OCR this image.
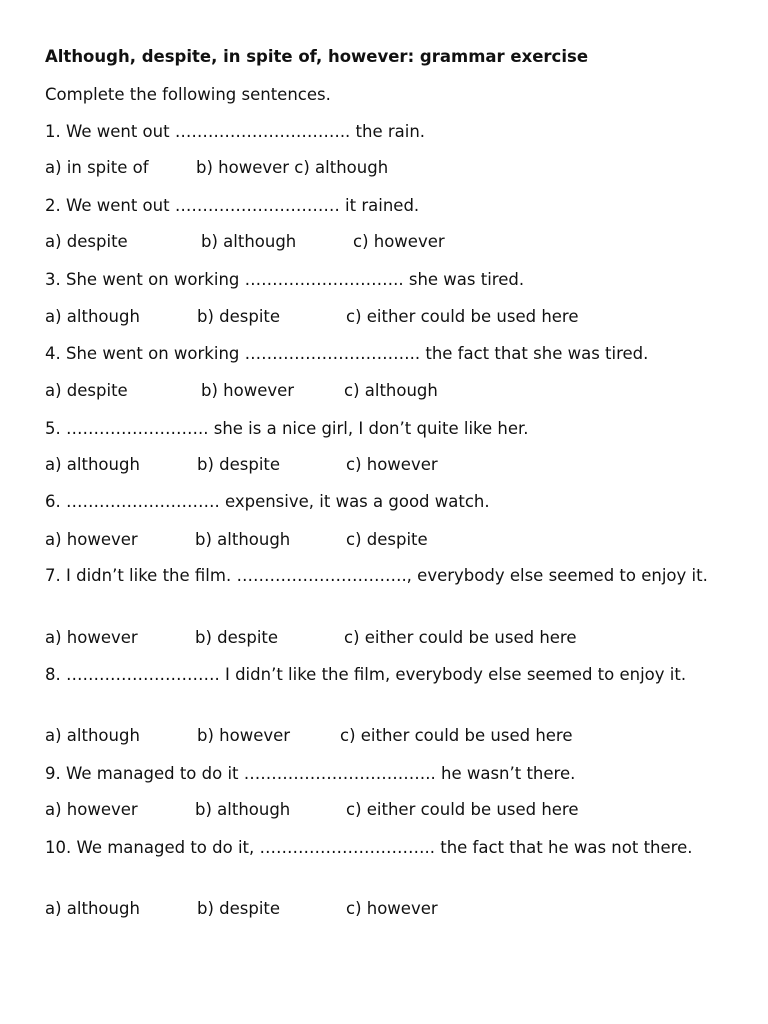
Although, despite, in spite of, however: grammar exercise
Complete the following sentences.
1. We went out ………………………….. the rain.
a) in spite of	b) however c) although
2. We went out ………………………… it rained.
a) despite	b) although	c) however
3. She went on working ……………………….. she was tired.
a) although	b) despite	c) either could be used here
4. She went on working ………………………….. the fact that she was tired.
a) despite	b) however	c) although
5. …………………….. she is a nice girl, I don’t quite like her.
a) although	b) despite	c) however
6. ………………………. expensive, it was a good watch.
a) however	b) although	c) despite
7. I didn’t like the film. …………………………., everybody else seemed to enjoy it.
a) however	b) despite	c) either could be used here
8. ………………………. I didn’t like the film, everybody else seemed to enjoy it.
a) although	b) however	c) either could be used here
9. We managed to do it …………………………….. he wasn’t there.
a) however	b) although	c) either could be used here
10. We managed to do it, ………………………….. the fact that he was not there.
a) although	b) despite	c) however
